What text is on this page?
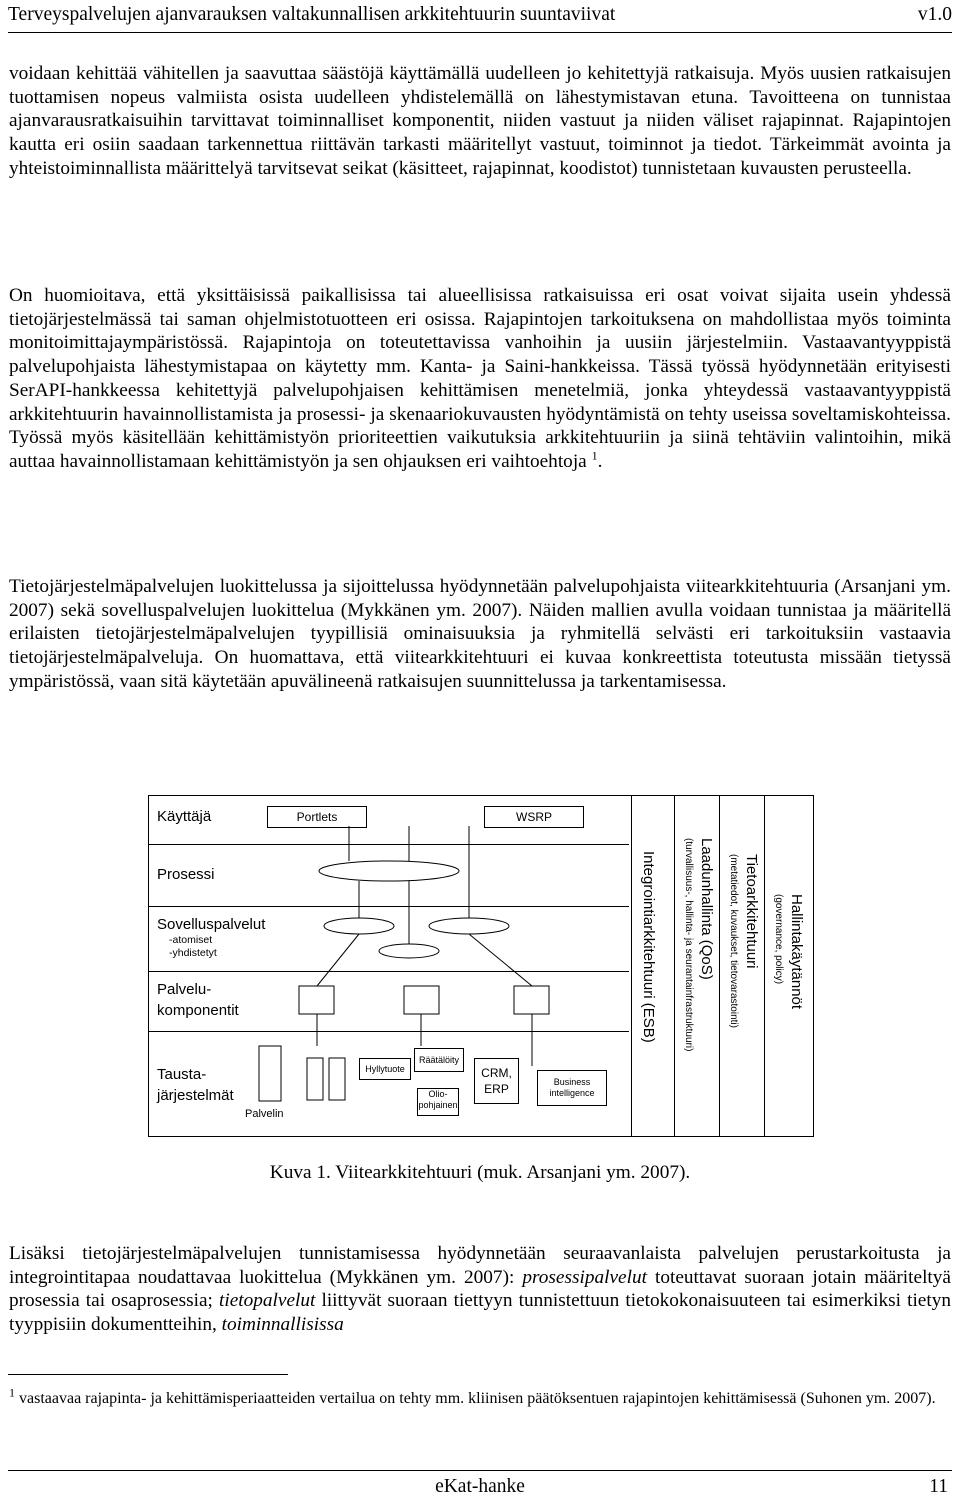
Terveyspalvelujen ajanvarauksen valtakunnallisen arkkitehtuurin suuntaviivat	v1.0

voidaan kehittää vähitellen ja saavuttaa säästöjä käyttämällä uudelleen jo kehitettyjä ratkaisuja. Myös uusien ratkaisujen tuottamisen nopeus valmiista osista uudelleen yhdistelemällä on lähestymistavan etuna. Tavoitteena on tunnistaa ajanvarausratkaisuihin tarvittavat toiminnalliset komponentit, niiden vastuut ja niiden väliset rajapinnat. Rajapintojen kautta eri osiin saadaan tarkennettua riittävän tarkasti määritellyt vastuut, toiminnot ja tiedot. Tärkeimmät avointa ja yhteistoiminnallista määrittelyä tarvitsevat seikat (käsitteet, rajapinnat, koodistot) tunnistetaan kuvausten perusteella.

On huomioitava, että yksittäisissä paikallisissa tai alueellisissa ratkaisuissa eri osat voivat sijaita usein yhdessä tietojärjestelmässä tai saman ohjelmistotuotteen eri osissa. Rajapintojen tarkoituksena on mahdollistaa myös toiminta monitoimittajaympäristössä. Rajapintoja on toteutettavissa vanhoihin ja uusiin järjestelmiin. Vastaavantyyppistä palvelupohjaista lähestymistapaa on käytetty mm. Kanta- ja Saini-hankkeissa. Tässä työssä hyödynnetään erityisesti SerAPI-hankkeessa kehitettyjä palvelupohjaisen kehittämisen menetelmiä, jonka yhteydessä vastaavantyyppistä arkkitehtuurin havainnollistamista ja prosessi- ja skenaariokuvausten hyödyntämistä on tehty useissa soveltamiskohteissa. Työssä myös käsitellään kehittämistyön prioriteettien vaikutuksia arkkitehtuuriin ja siinä tehtäviin valintoihin, mikä auttaa havainnollistamaan kehittämistyön ja sen ohjauksen eri vaihtoehtoja $^1$.

Tietojärjestelmäpalvelujen luokittelussa ja sijoittelussa hyödynnetään palvelupohjaista viitearkkitehtuuria (Arsanjani ym. 2007) sekä sovelluspalvelujen luokittelua (Mykkänen ym. 2007). Näiden mallien avulla voidaan tunnistaa ja määritellä erilaisten tietojärjestelmäpalvelujen tyypillisiä ominaisuuksia ja ryhmitellä selvästi eri tarkoituksiin vastaavia tietojärjestelmäpalveluja. On huomattava, että viitearkkitehtuuri ei kuvaa konkreettista toteutusta missään tietyssä ympäristössä, vaan sitä käytetään apuvälineenä ratkaisujen suunnittelussa ja tarkentamisessa.

Käyttäjä
Prosessi
Sovelluspalvelut
-atomiset
-yhdistetyt
Palvelu-
komponentit
Tausta-
järjestelmät
Portlets	WSRP
Hyllytuote
Räätälöity
Olio-
pohjainen
CRM,
ERP	Business
intelligence
Palvelin
Integrointiarkkitehtuuri (ESB)	Laadunhallinta (QoS)
(turvallisuus-, hallinta- ja seurantainfrastruktuuri)	Tietoarkkitehtuuri
(metatiedot, kuvaukset, tietovarastointi)	Hallintakäytännöt
(governance, policy)
Kuva 1. Viitearkkitehtuuri (muk. Arsanjani ym. 2007).

Lisäksi tietojärjestelmäpalvelujen tunnistamisessa hyödynnetään seuraavanlaista palvelujen perustarkoitusta ja integrointitapaa noudattavaa luokittelua (Mykkänen ym. 2007): prosessipalvelut toteuttavat suoraan jotain määriteltyä prosessia tai osaprosessia; tietopalvelut liittyvät suoraan tiettyyn tunnistettuun tietokokonaisuuteen tai esimerkiksi tietyn tyyppisiin dokumentteihin, toiminnallisissa

$^1$ vastaavaa rajapinta- ja kehittämisperiaatteiden vertailua on tehty mm. kliinisen päätöksentuen rajapintojen kehittämisessä (Suhonen ym. 2007).
eKat-hanke	11
